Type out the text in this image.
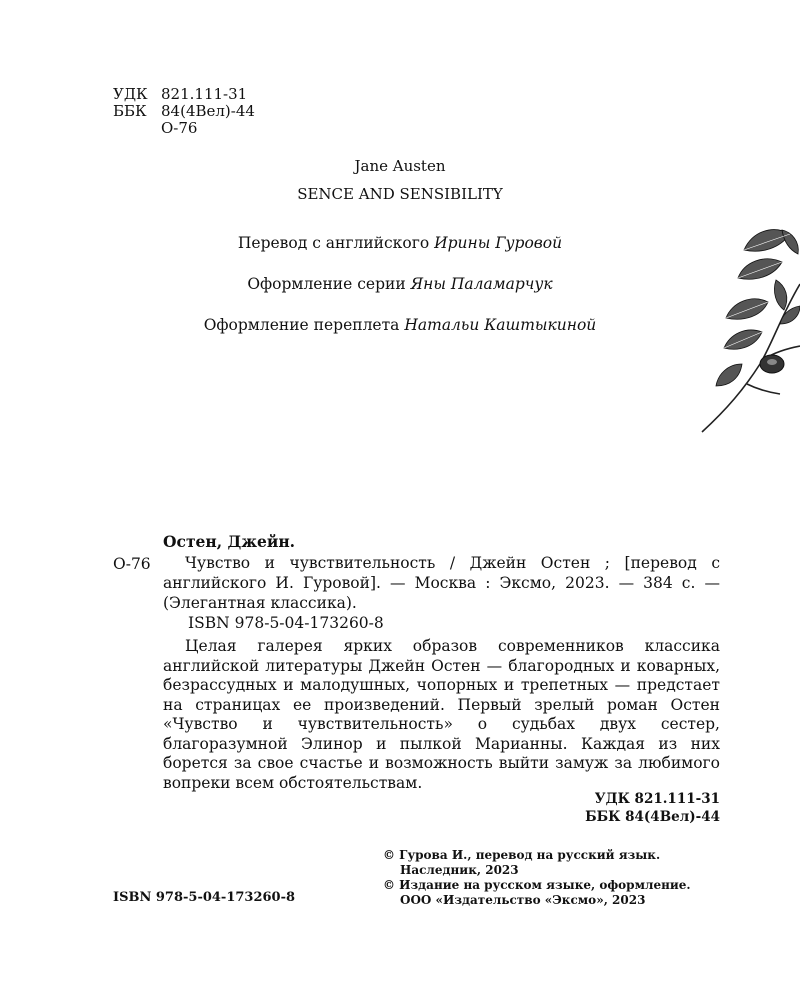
УДК 821.111-31
ББК 84(4Вел)-44
О-76
Jane Austen
SENCE AND SENSIBILITY
Перевод с английского Ирины Гуровой
Оформление серии Яны Паламарчук
Оформление переплета Натальи Каштыкиной
Остен, Джейн.
О-76	Чувство и чувствительность / Джейн Остен ; [перевод с английского И. Гуровой]. — Москва : Эксмо, 2023. — 384 с. — (Элегантная классика).

ISBN 978-5-04-173260-8
Целая галерея ярких образов современников классика английской литературы Джейн Остен — благородных и коварных, безрассудных и малодушных, чопорных и трепетных — предстает на страницах ее произведений. Первый зрелый роман Остен «Чувство и чувствительность» о судьбах двух сестер, благоразумной Элинор и пылкой Марианны. Каждая из них борется за свое счастье и возможность выйти замуж за любимого вопреки всем обстоятельствам.
УДК 821.111-31
ББК 84(4Вел)-44
© Гурова И., перевод на русский язык.
Наследник, 2023
© Издание на русском языке, оформление.
ООО «Издательство «Эксмо», 2023
ISBN 978-5-04-173260-8
